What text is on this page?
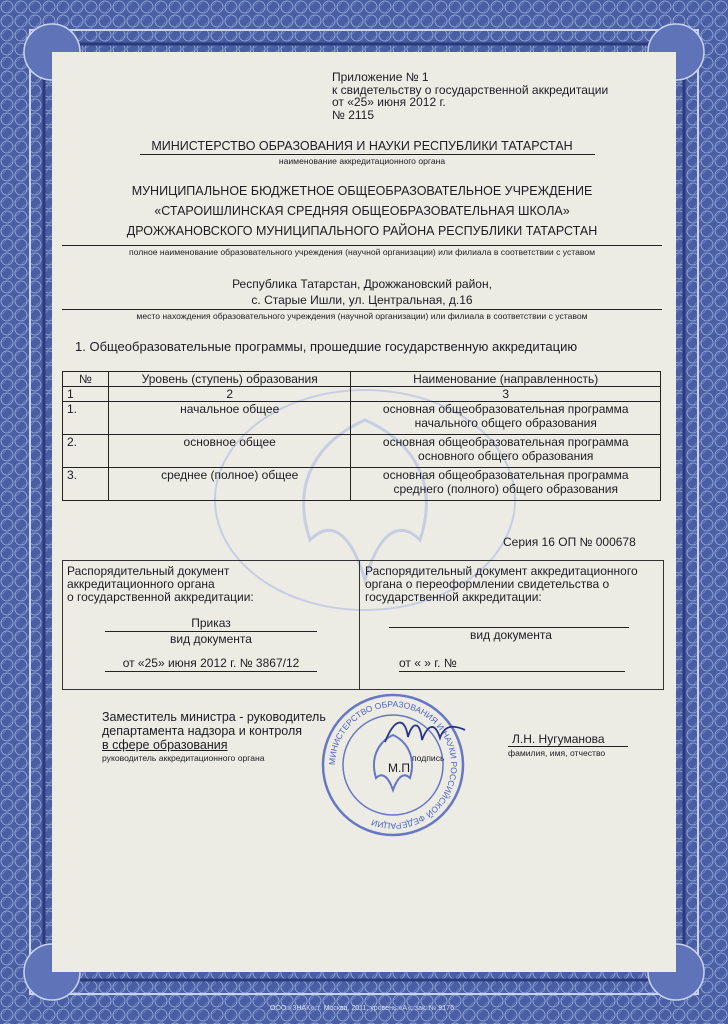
Приложение № 1
к свидетельству о государственной аккредитации
от «25» июня 2012 г.
№ 2115
МИНИСТЕРСТВО ОБРАЗОВАНИЯ И НАУКИ РЕСПУБЛИКИ ТАТАРСТАН
наименование аккредитационного органа
МУНИЦИПАЛЬНОЕ БЮДЖЕТНОЕ ОБЩЕОБРАЗОВАТЕЛЬНОЕ УЧРЕЖДЕНИЕ
«СТАРОИШЛИНСКАЯ СРЕДНЯЯ ОБЩЕОБРАЗОВАТЕЛЬНАЯ ШКОЛА»
ДРОЖЖАНОВСКОГО МУНИЦИПАЛЬНОГО РАЙОНА РЕСПУБЛИКИ ТАТАРСТАН
полное наименование образовательного учреждения (научной организации) или филиала в соответствии с уставом
Республика Татарстан, Дрожжановский район,
с. Старые Ишли, ул. Центральная, д.16
место нахождения образовательного учреждения (научной организации) или филиала в соответствии с уставом
1. Общеобразовательные программы, прошедшие государственную аккредитацию
№	Уровень (ступень) образования	Наименование (направленность)
1	2	3
1.	начальное общее	основная общеобразовательная программа
начального общего образования

2.	основное общее	основная общеобразовательная программа
основного общего образования

3.	среднее (полное) общее	основная общеобразовательная программа
среднего (полного) общего образования
Серия 16 ОП № 000678
Распорядительный документ
аккредитационного органа
о государственной аккредитации:
Приказ
вид документа
от «25» июня 2012 г. № 3867/12
Распорядительный документ аккредитационного
органа о переоформлении свидетельства о
государственной аккредитации:
вид документа
от « » г. №
Заместитель министра - руководитель
департамента надзора и контроля
в сфере образования
руководитель аккредитационного органа	подпись
М.П.
Л.Н. Нугуманова
фамилия, имя, отчество
МИНИСТЕРСТВО ОБРАЗОВАНИЯ И НАУКИ РОССИЙСКОЙ ФЕДЕРАЦИИ
ООО «ЗНАК», г. Москва, 2011, уровень «А», зак. № 9176
